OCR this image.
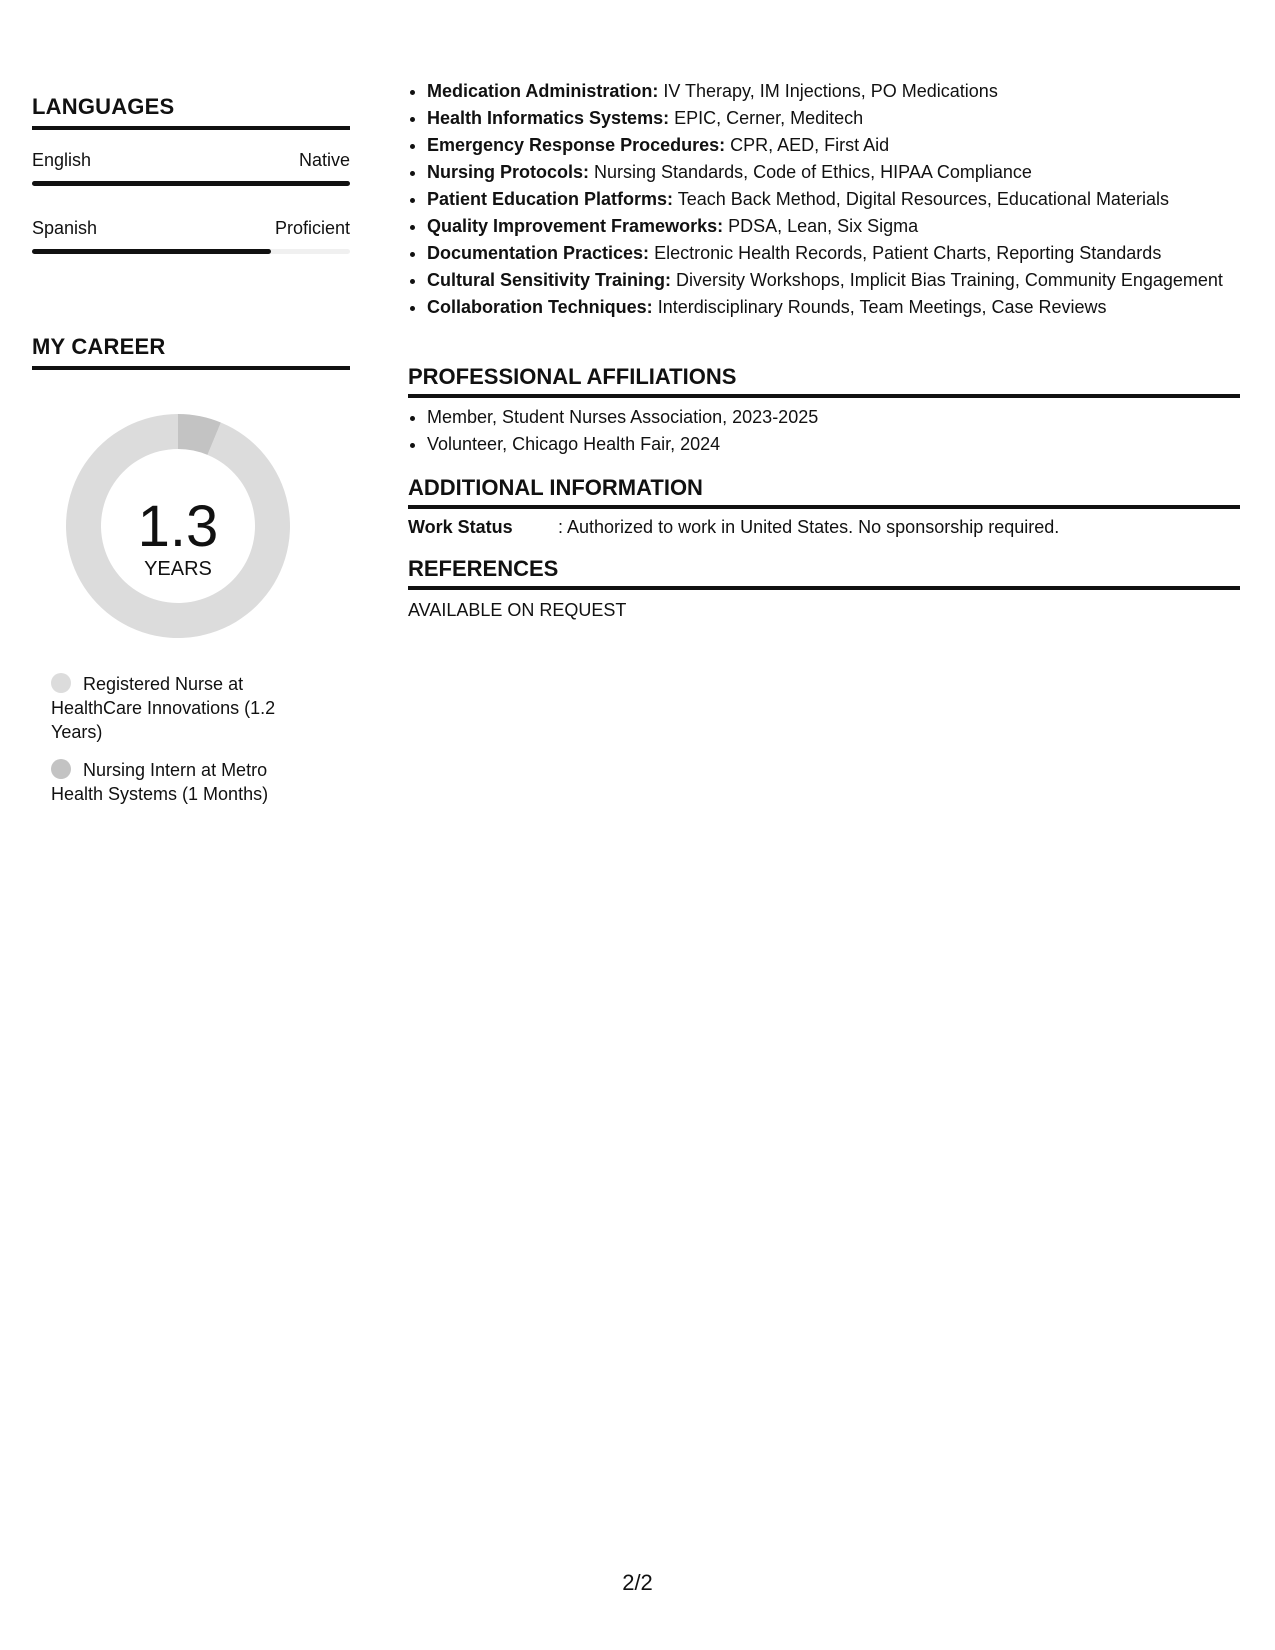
LANGUAGES
English	Native
Spanish	Proficient
MY CAREER
1.3
YEARS
Registered Nurse at HealthCare Innovations (1.2 Years)
Nursing Intern at Metro Health Systems (1 Months)
• Medication Administration: IV Therapy, IM Injections, PO Medications
• Health Informatics Systems: EPIC, Cerner, Meditech
• Emergency Response Procedures: CPR, AED, First Aid
• Nursing Protocols: Nursing Standards, Code of Ethics, HIPAA Compliance
• Patient Education Platforms: Teach Back Method, Digital Resources, Educational Materials
• Quality Improvement Frameworks: PDSA, Lean, Six Sigma
• Documentation Practices: Electronic Health Records, Patient Charts, Reporting Standards
• Cultural Sensitivity Training: Diversity Workshops, Implicit Bias Training, Community Engagement
• Collaboration Techniques: Interdisciplinary Rounds, Team Meetings, Case Reviews
PROFESSIONAL AFFILIATIONS
• Member, Student Nurses Association, 2023-2025
• Volunteer, Chicago Health Fair, 2024
ADDITIONAL INFORMATION
Work Status	: Authorized to work in United States. No sponsorship required.
REFERENCES
AVAILABLE ON REQUEST
2/2
